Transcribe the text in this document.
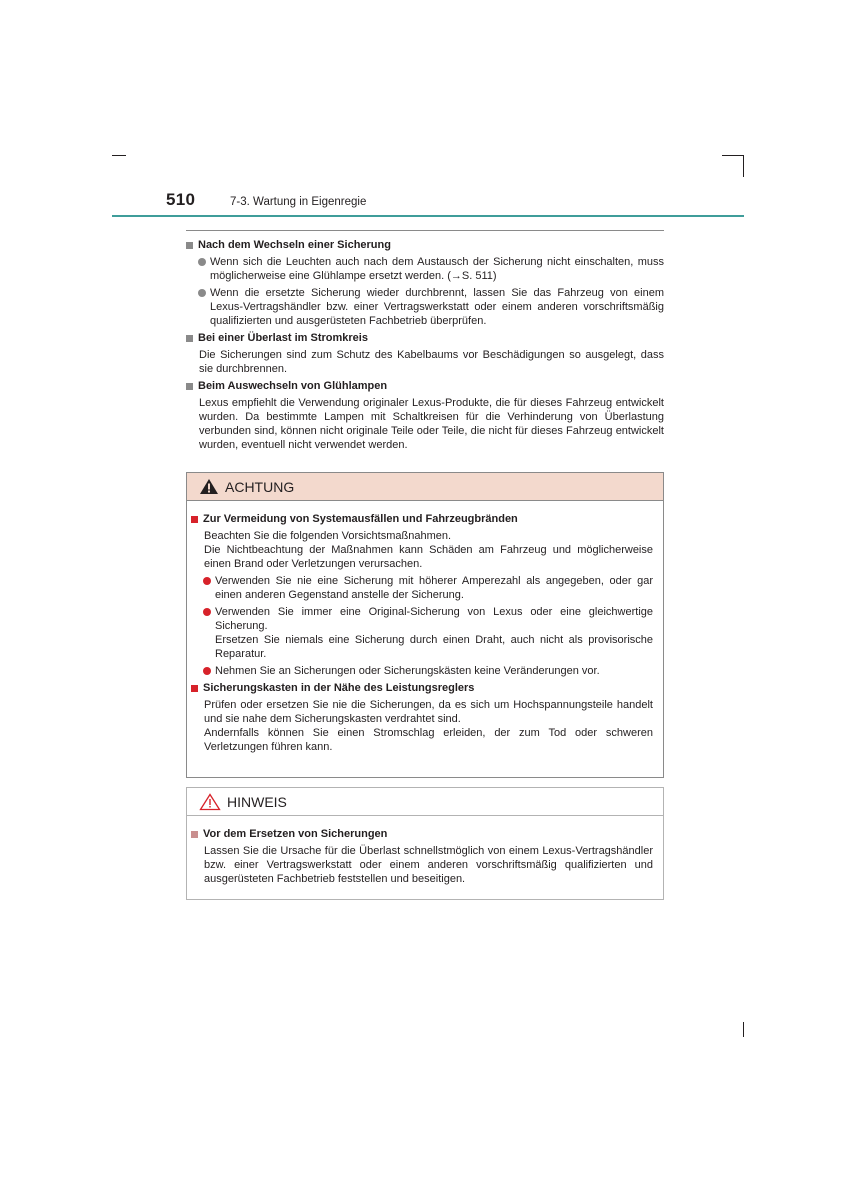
510	7-3. Wartung in Eigenregie
Nach dem Wechseln einer Sicherung
Wenn sich die Leuchten auch nach dem Austausch der Sicherung nicht einschalten, muss möglicherweise eine Glühlampe ersetzt werden. (→S. 511)
Wenn die ersetzte Sicherung wieder durchbrennt, lassen Sie das Fahrzeug von einem Lexus-Vertragshändler bzw. einer Vertragswerkstatt oder einem anderen vorschriftsmäßig qualifizierten und ausgerüsteten Fachbetrieb überprüfen.
Bei einer Überlast im Stromkreis
Die Sicherungen sind zum Schutz des Kabelbaums vor Beschädigungen so ausgelegt, dass sie durchbrennen.
Beim Auswechseln von Glühlampen
Lexus empfiehlt die Verwendung originaler Lexus-Produkte, die für dieses Fahrzeug entwickelt wurden. Da bestimmte Lampen mit Schaltkreisen für die Verhinderung von Überlastung verbunden sind, können nicht originale Teile oder Teile, die nicht für dieses Fahrzeug entwickelt wurden, eventuell nicht verwendet werden.
ACHTUNG
Zur Vermeidung von Systemausfällen und Fahrzeugbränden
Beachten Sie die folgenden Vorsichtsmaßnahmen.
Die Nichtbeachtung der Maßnahmen kann Schäden am Fahrzeug und möglicherweise einen Brand oder Verletzungen verursachen.
Verwenden Sie nie eine Sicherung mit höherer Amperezahl als angegeben, oder gar einen anderen Gegenstand anstelle der Sicherung.
Verwenden Sie immer eine Original-Sicherung von Lexus oder eine gleichwertige Sicherung.
Ersetzen Sie niemals eine Sicherung durch einen Draht, auch nicht als provisorische Reparatur.
Nehmen Sie an Sicherungen oder Sicherungskästen keine Veränderungen vor.
Sicherungskasten in der Nähe des Leistungsreglers
Prüfen oder ersetzen Sie nie die Sicherungen, da es sich um Hochspannungsteile handelt und sie nahe dem Sicherungskasten verdrahtet sind.
Andernfalls können Sie einen Stromschlag erleiden, der zum Tod oder schweren Verletzungen führen kann.
HINWEIS
Vor dem Ersetzen von Sicherungen
Lassen Sie die Ursache für die Überlast schnellstmöglich von einem Lexus-Vertragshändler bzw. einer Vertragswerkstatt oder einem anderen vorschriftsmäßig qualifizierten und ausgerüsteten Fachbetrieb feststellen und beseitigen.
